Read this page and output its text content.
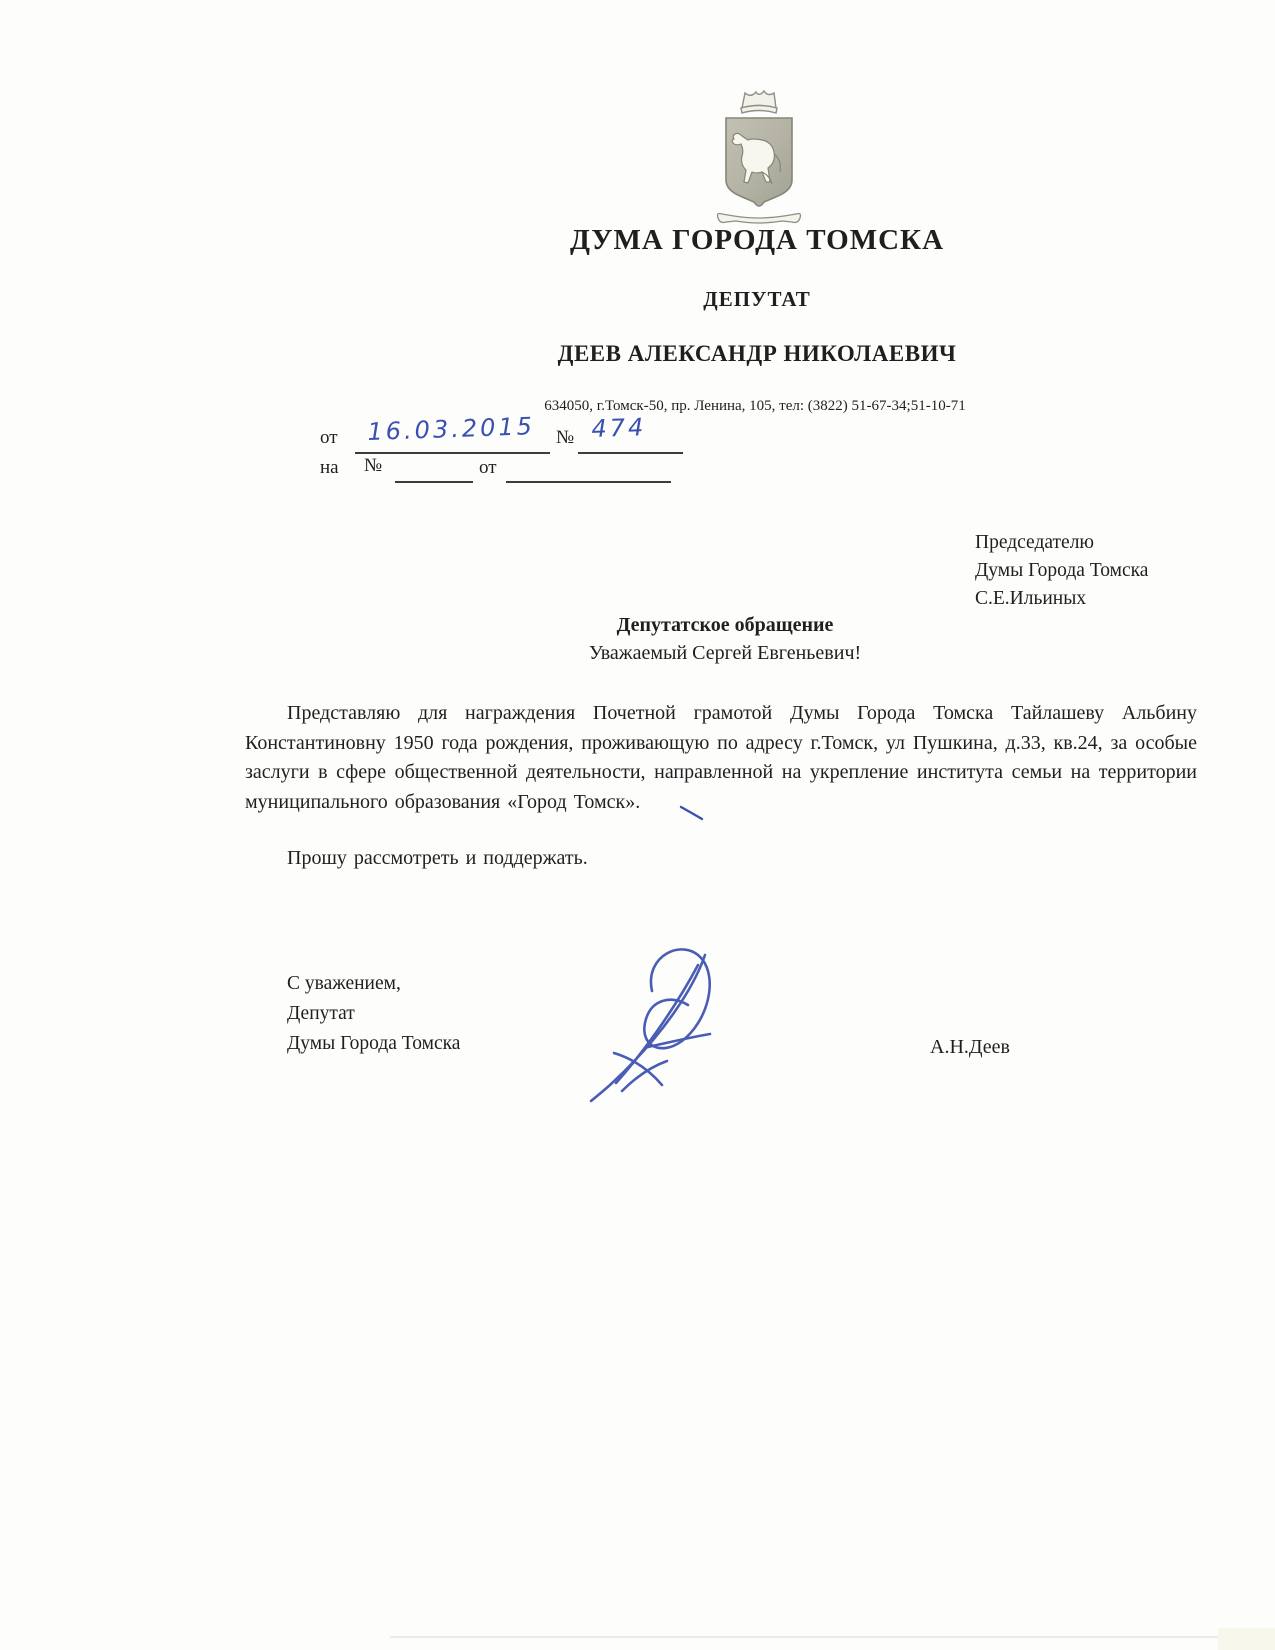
ДУМА ГОРОДА ТОМСКА
ДЕПУТАТ
ДЕЕВ АЛЕКСАНДР НИКОЛАЕВИЧ
634050, г.Томск-50, пр. Ленина, 105, тел: (3822) 51-67-34;51-10-71
от 16.03.2015 № 474
на №	от
Председателю
Думы Города Томска
С.Е.Ильиных
Депутатское обращение
Уважаемый Сергей Евгеньевич!
Представляю для награждения Почетной грамотой Думы Города Томска Тайлашеву Альбину Константиновну 1950 года рождения, проживающую по адресу г.Томск, ул Пушкина, д.33, кв.24, за особые заслуги в сфере общественной деятельности, направленной на укрепление института семьи на территории муниципального образования «Город Томск».
Прошу рассмотреть и поддержать.
С уважением,
Депутат
Думы Города Томска	А.Н.Деев
